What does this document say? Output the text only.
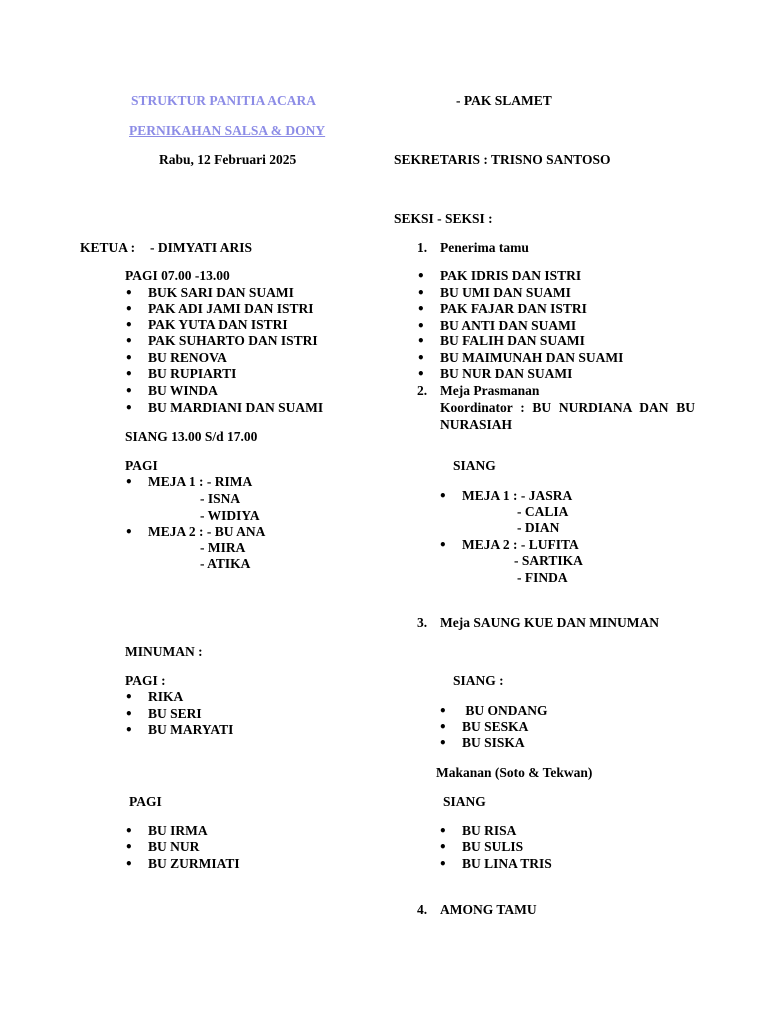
STRUKTUR PANITIA ACARA
PERNIKAHAN SALSA & DONY
Rabu, 12 Februari 2025
KETUA : - DIMYATI ARIS
PAGI 07.00 -13.00
• BUK SARI DAN SUAMI
• PAK ADI JAMI DAN ISTRI
• PAK YUTA DAN ISTRI
• PAK SUHARTO DAN ISTRI
• BU RENOVA
• BU RUPIARTI
• BU WINDA
• BU MARDIANI DAN SUAMI
SIANG 13.00 S/d 17.00
PAGI
• MEJA 1 : - RIMA
- ISNA
- WIDIYA
• MEJA 2 : - BU ANA
- MIRA
- ATIKA
MINUMAN :
PAGI :
• RIKA
• BU SERI
• BU MARYATI
PAGI
• BU IRMA
• BU NUR
• BU ZURMIATI
- PAK SLAMET
SEKRETARIS : TRISNO SANTOSO
SEKSI - SEKSI :
1. Penerima tamu
• PAK IDRIS DAN ISTRI
• BU UMI DAN SUAMI
• PAK FAJAR DAN ISTRI
• BU ANTI DAN SUAMI
• BU FALIH DAN SUAMI
• BU MAIMUNAH DAN SUAMI
• BU NUR DAN SUAMI
2. Meja Prasmanan
Koordinator : BU NURDIANA DAN BU NURASIAH
SIANG
• MEJA 1 : - JASRA
- CALIA
- DIAN
• MEJA 2 : - LUFITA
- SARTIKA
- FINDA
3. Meja SAUNG KUE DAN MINUMAN
SIANG :
•  BU ONDANG
• BU SESKA
• BU SISKA
Makanan (Soto & Tekwan)
SIANG
• BU RISA
• BU SULIS
• BU LINA TRIS
4. AMONG TAMU
